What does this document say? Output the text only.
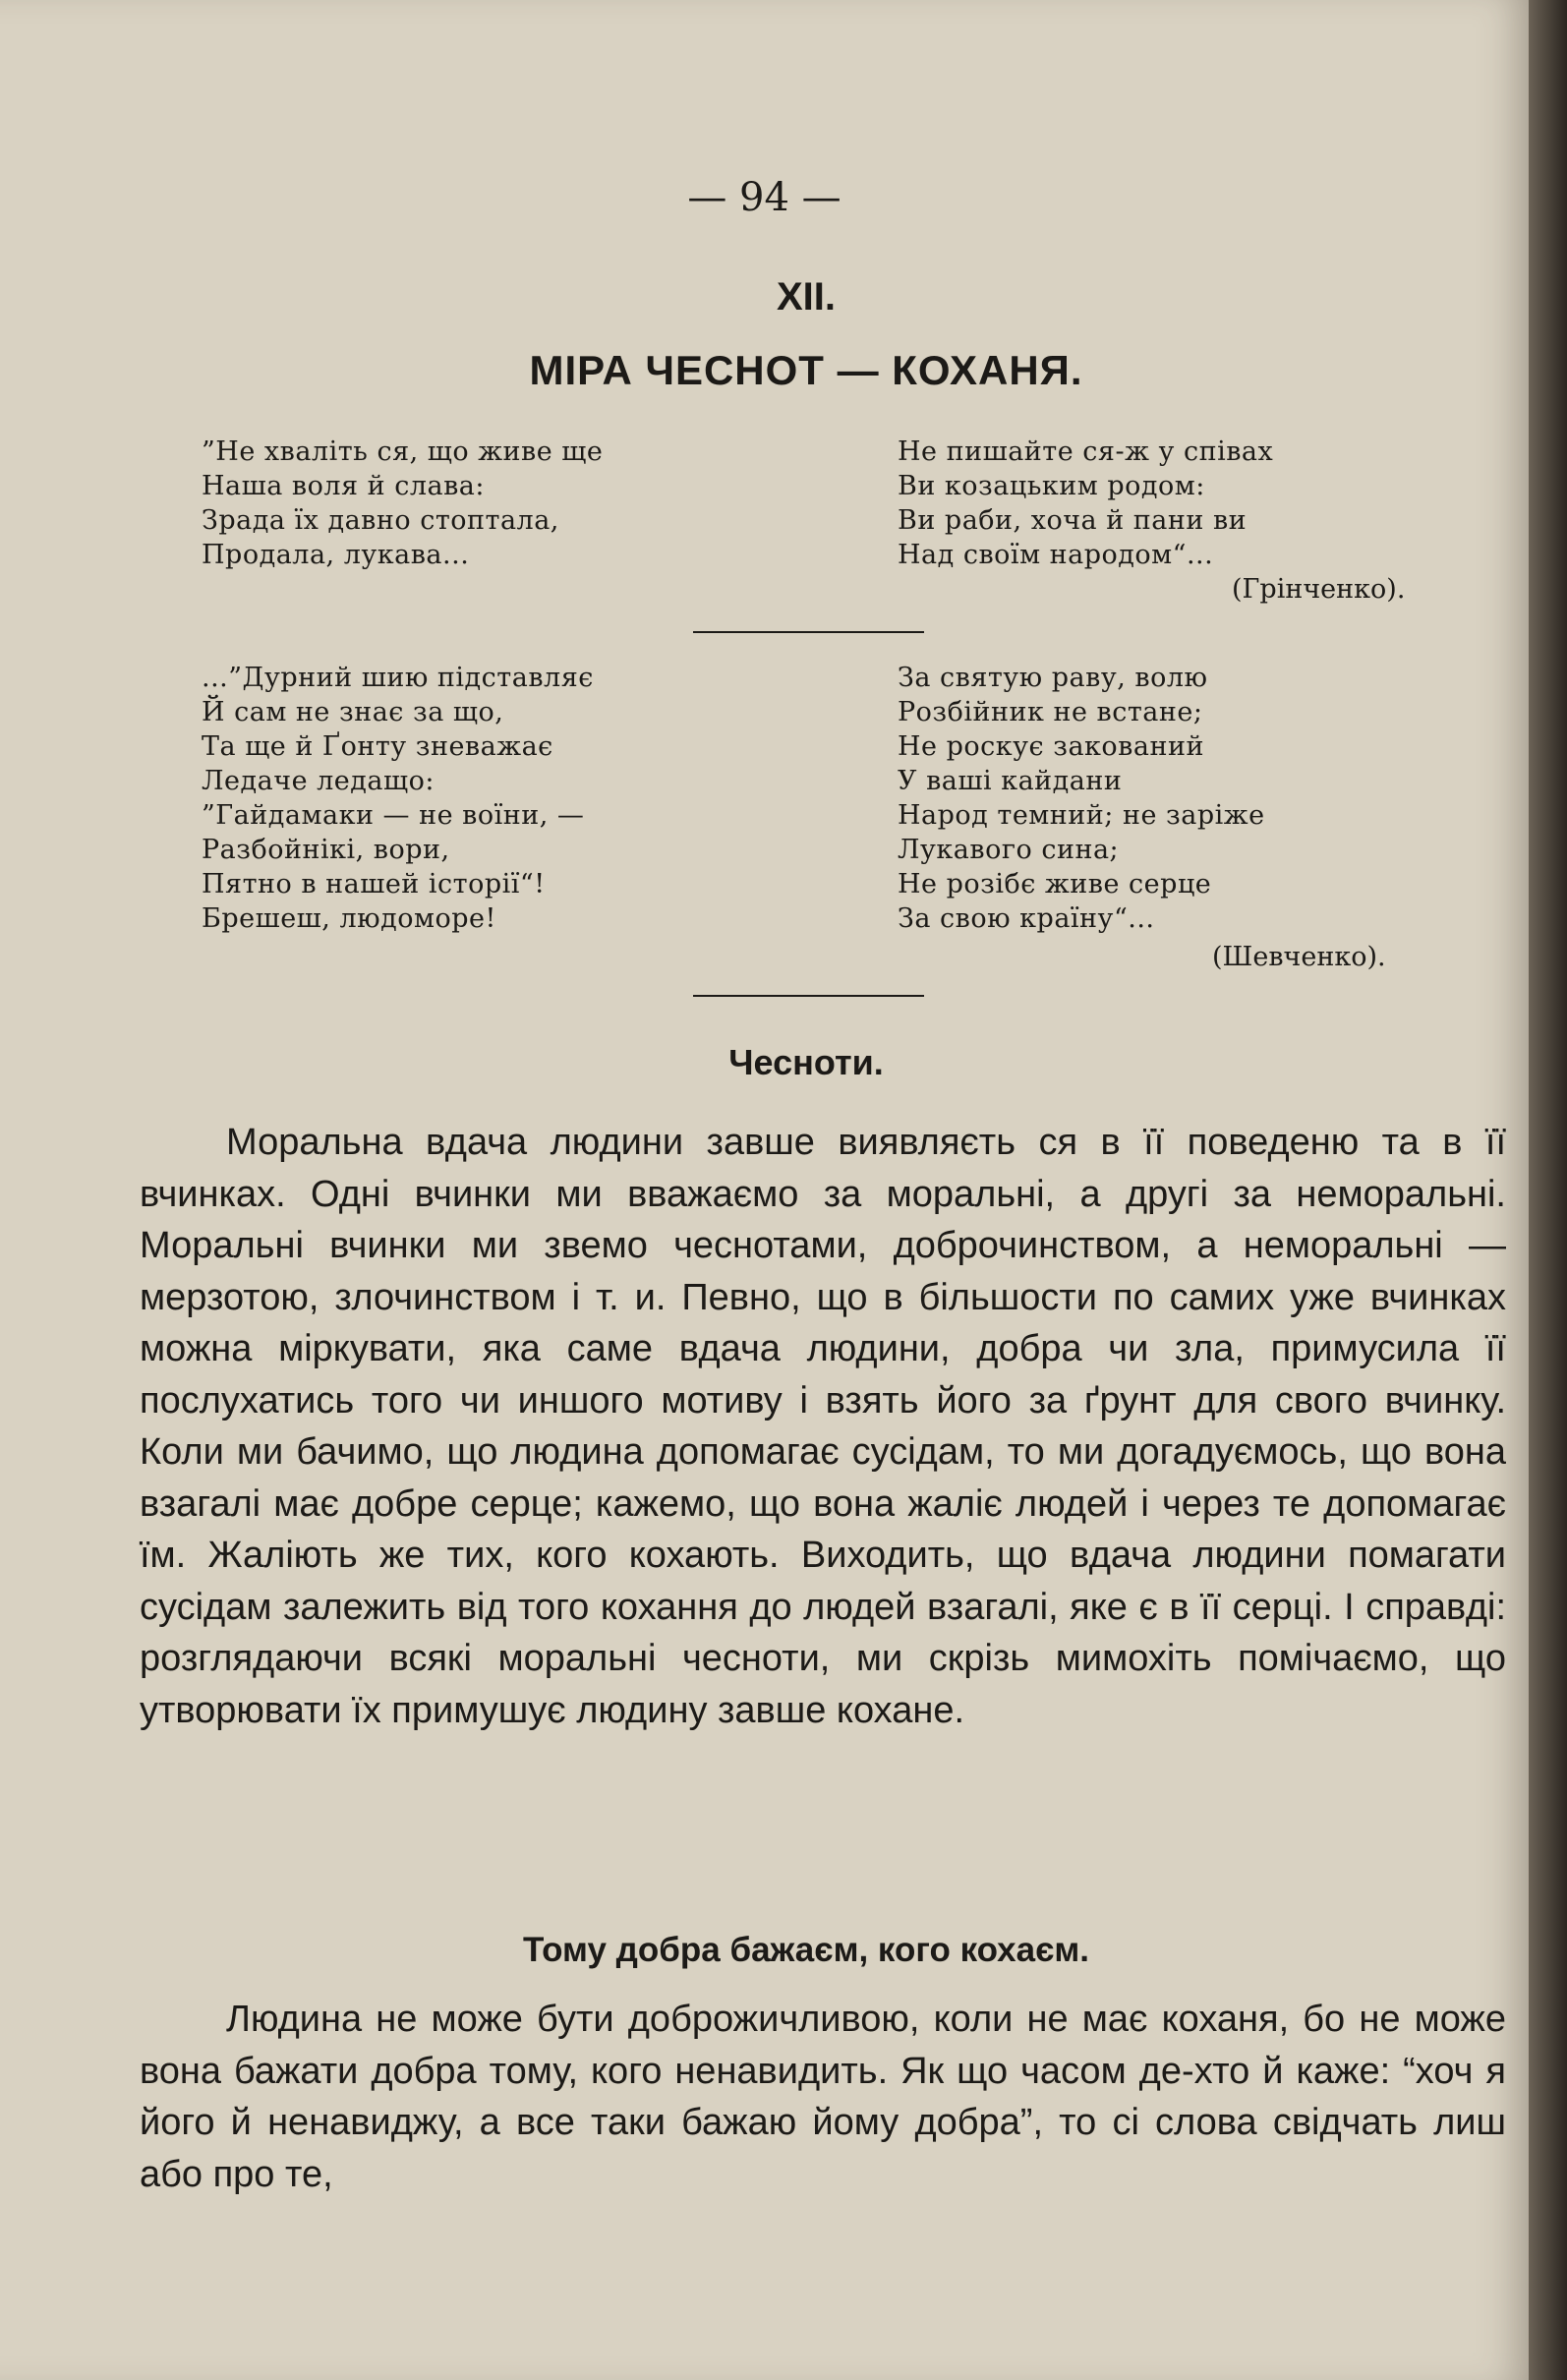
— 94 —
XII.
МІРА ЧЕСНОТ — КОХАНЯ.
”Не хваліть ся, що живе ще
Наша воля й слава:
Зрада їх давно стоптала,
Продала, лукава...
Не пишайте ся-ж у співах
Ви козацьким родом:
Ви раби, хоча й пани ви
Над своїм народом“...
(Грінченко).
...”Дурний шию підставляє
Й сам не знає за що,
Та ще й Ґонту зневажає
Ледаче ледащо:
”Гайдамаки — не воїни, —
Разбойнікі, вори,
Пятно в нашей історії“!
Брешеш, людоморе!
За святую раву, волю
Розбійник не встане;
Не роскує закований
У ваші кайдани
Народ темний; не заріже
Лукавого сина;
Не розібє живе серце
За свою країну“...
(Шевченко).
Чесноти.
Моральна вдача людини завше виявляєть ся в її поведеню та в її вчинках. Одні вчинки ми вважаємо за моральні, а другі за неморальні. Моральні вчинки ми звемо чеснотами, доброчинством, а неморальні — мерзотою, злочинством і т. и. Певно, що в більшости по самих уже вчинках можна міркувати, яка саме вдача людини, добра чи зла, примусила її послухатись того чи иншого мотиву і взять його за ґрунт для свого вчинку. Коли ми бачимо, що людина допомагає сусідам, то ми догадуємось, що вона взагалі має добре серце; кажемо, що вона жаліє людей і через те допомагає їм. Жаліють же тих, кого кохають. Виходить, що вдача людини помагати сусідам залежить від того кохання до людей взагалі, яке є в її серці. І справді: розглядаючи всякі моральні чесноти, ми скрізь мимохіть помічаємо, що утворювати їх примушує людину завше кохане.
Тому добра бажаєм, кого кохаєм.
Людина не може бути доброжичливою, коли не має коханя, бо не може вона бажати добра тому, кого ненавидить. Як що часом де-хто й каже: “хоч я його й ненавиджу, а все таки бажаю йому добра”, то сі слова свідчать лиш або про те,
